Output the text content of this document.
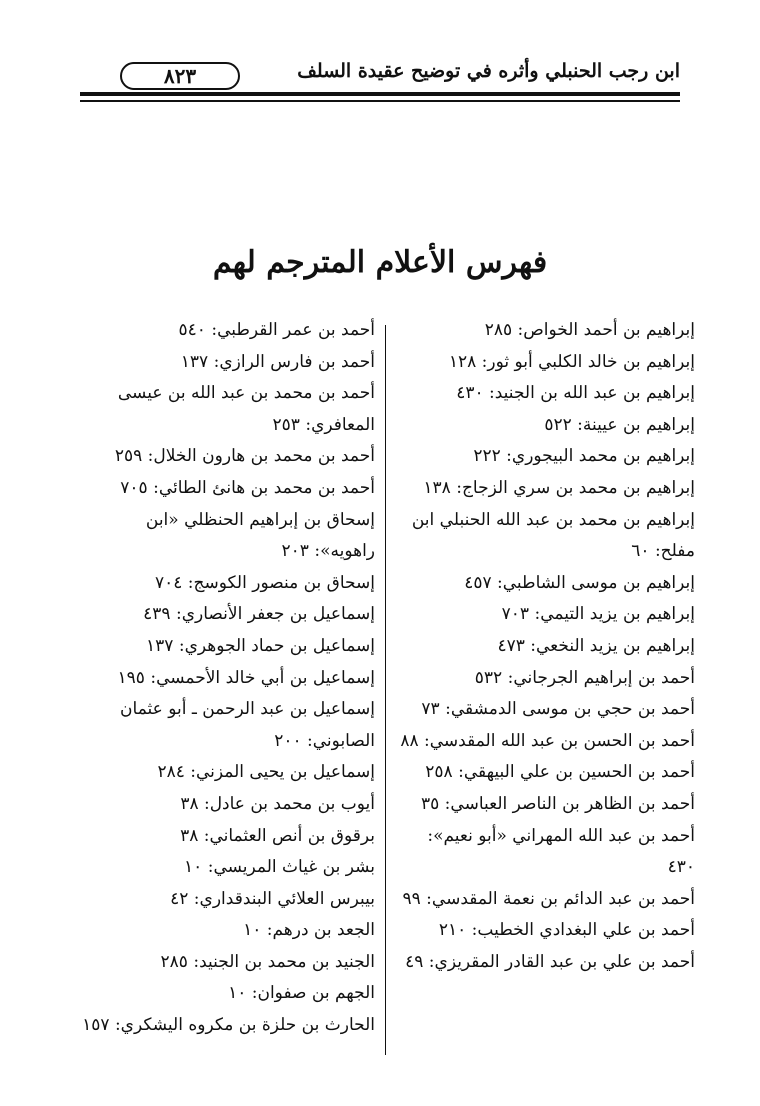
ابن رجب الحنبلي وأثره في توضيح عقيدة السلف
٨٢٣
فهرس الأعلام المترجم لهم

إبراهيم بن أحمد الخواص: ٢٨٥

إبراهيم بن خالد الكلبي أبو ثور: ١٢٨

إبراهيم بن عبد الله بن الجنيد: ٤٣٠

إبراهيم بن عيينة: ٥٢٢

إبراهيم بن محمد البيجوري: ٢٢٢

إبراهيم بن محمد بن سري الزجاج: ١٣٨

إبراهيم بن محمد بن عبد الله الحنبلي ابن مفلح: ٦٠

إبراهيم بن موسى الشاطبي: ٤٥٧

إبراهيم بن يزيد التيمي: ٧٠٣

إبراهيم بن يزيد النخعي: ٤٧٣

أحمد بن إبراهيم الجرجاني: ٥٣٢

أحمد بن حجي بن موسى الدمشقي: ٧٣

أحمد بن الحسن بن عبد الله المقدسي: ٨٨

أحمد بن الحسين بن علي البيهقي: ٢٥٨

أحمد بن الظاهر بن الناصر العباسي: ٣٥

أحمد بن عبد الله المهراني «أبو نعيم»: ٤٣٠

أحمد بن عبد الدائم بن نعمة المقدسي: ٩٩

أحمد بن علي البغدادي الخطيب: ٢١٠

أحمد بن علي بن عبد القادر المقريزي: ٤٩

أحمد بن عمر القرطبي: ٥٤٠

أحمد بن فارس الرازي: ١٣٧

أحمد بن محمد بن عبد الله بن عيسى المعافري: ٢٥٣

أحمد بن محمد بن هارون الخلال: ٢٥٩

أحمد بن محمد بن هانئ الطائي: ٧٠٥

إسحاق بن إبراهيم الحنظلي «ابن راهويه»: ٢٠٣

إسحاق بن منصور الكوسج: ٧٠٤

إسماعيل بن جعفر الأنصاري: ٤٣٩

إسماعيل بن حماد الجوهري: ١٣٧

إسماعيل بن أبي خالد الأحمسي: ١٩٥

إسماعيل بن عبد الرحمن ـ أبو عثمان الصابوني: ٢٠٠

إسماعيل بن يحيى المزني: ٢٨٤

أيوب بن محمد بن عادل: ٣٨

برقوق بن أنص العثماني: ٣٨

بشر بن غياث المريسي: ١٠

بيبرس العلائي البندقداري: ٤٢

الجعد بن درهم: ١٠

الجنيد بن محمد بن الجنيد: ٢٨٥

الجهم بن صفوان: ١٠

الحارث بن حلزة بن مكروه اليشكري: ١٥٧
